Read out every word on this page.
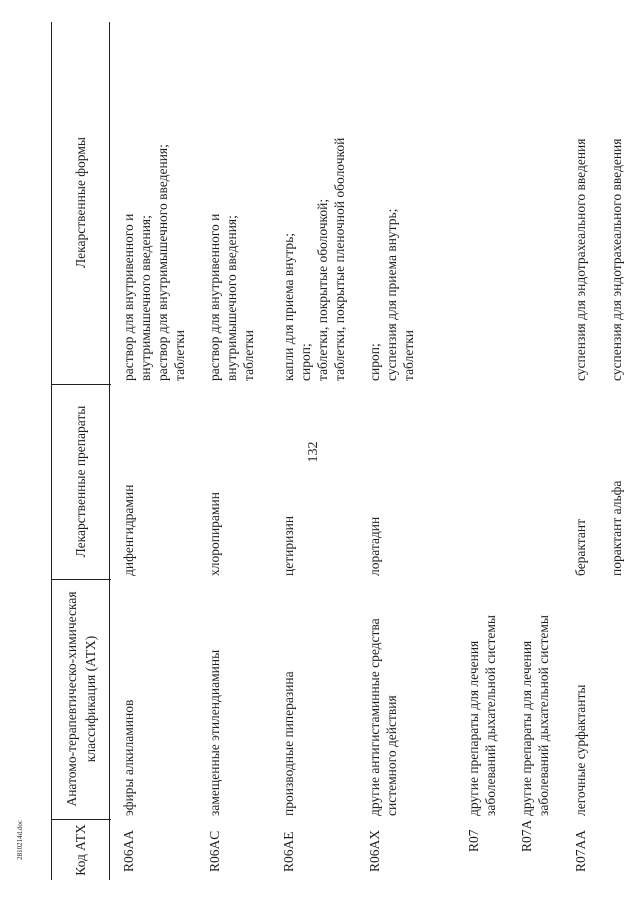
132
2810214d.doc	Код АТХ
Анатомо-терапевтическо-химическая классификация (АТХ)
Лекарственные препараты
Лекарственные формы
R06AA
эфиры алкиламинов
дифенгидрамин
раствор для внутривенного и внутримышечного введения; раствор для внутримышечного введения; таблетки
R06AC
замещенные этилендиамины
хлоропирамин
раствор для внутривенного и внутримышечного введения; таблетки
R06AE
производные пиперазина
цетиризин
капли для приема внутрь; сироп; таблетки, покрытые оболочкой; таблетки, покрытые пленочной оболочкой
R06AX
другие антигистаминные средства системного действия
лоратадин
сироп; суспензия для приема внутрь; таблетки
R07
другие препараты для лечения заболеваний дыхательной системы
R07A
другие препараты для лечения заболеваний дыхательной системы
R07AA
легочные сурфактанты
берактант
суспензия для эндотрахеального введения
порактант альфа
суспензия для эндотрахеального введения
